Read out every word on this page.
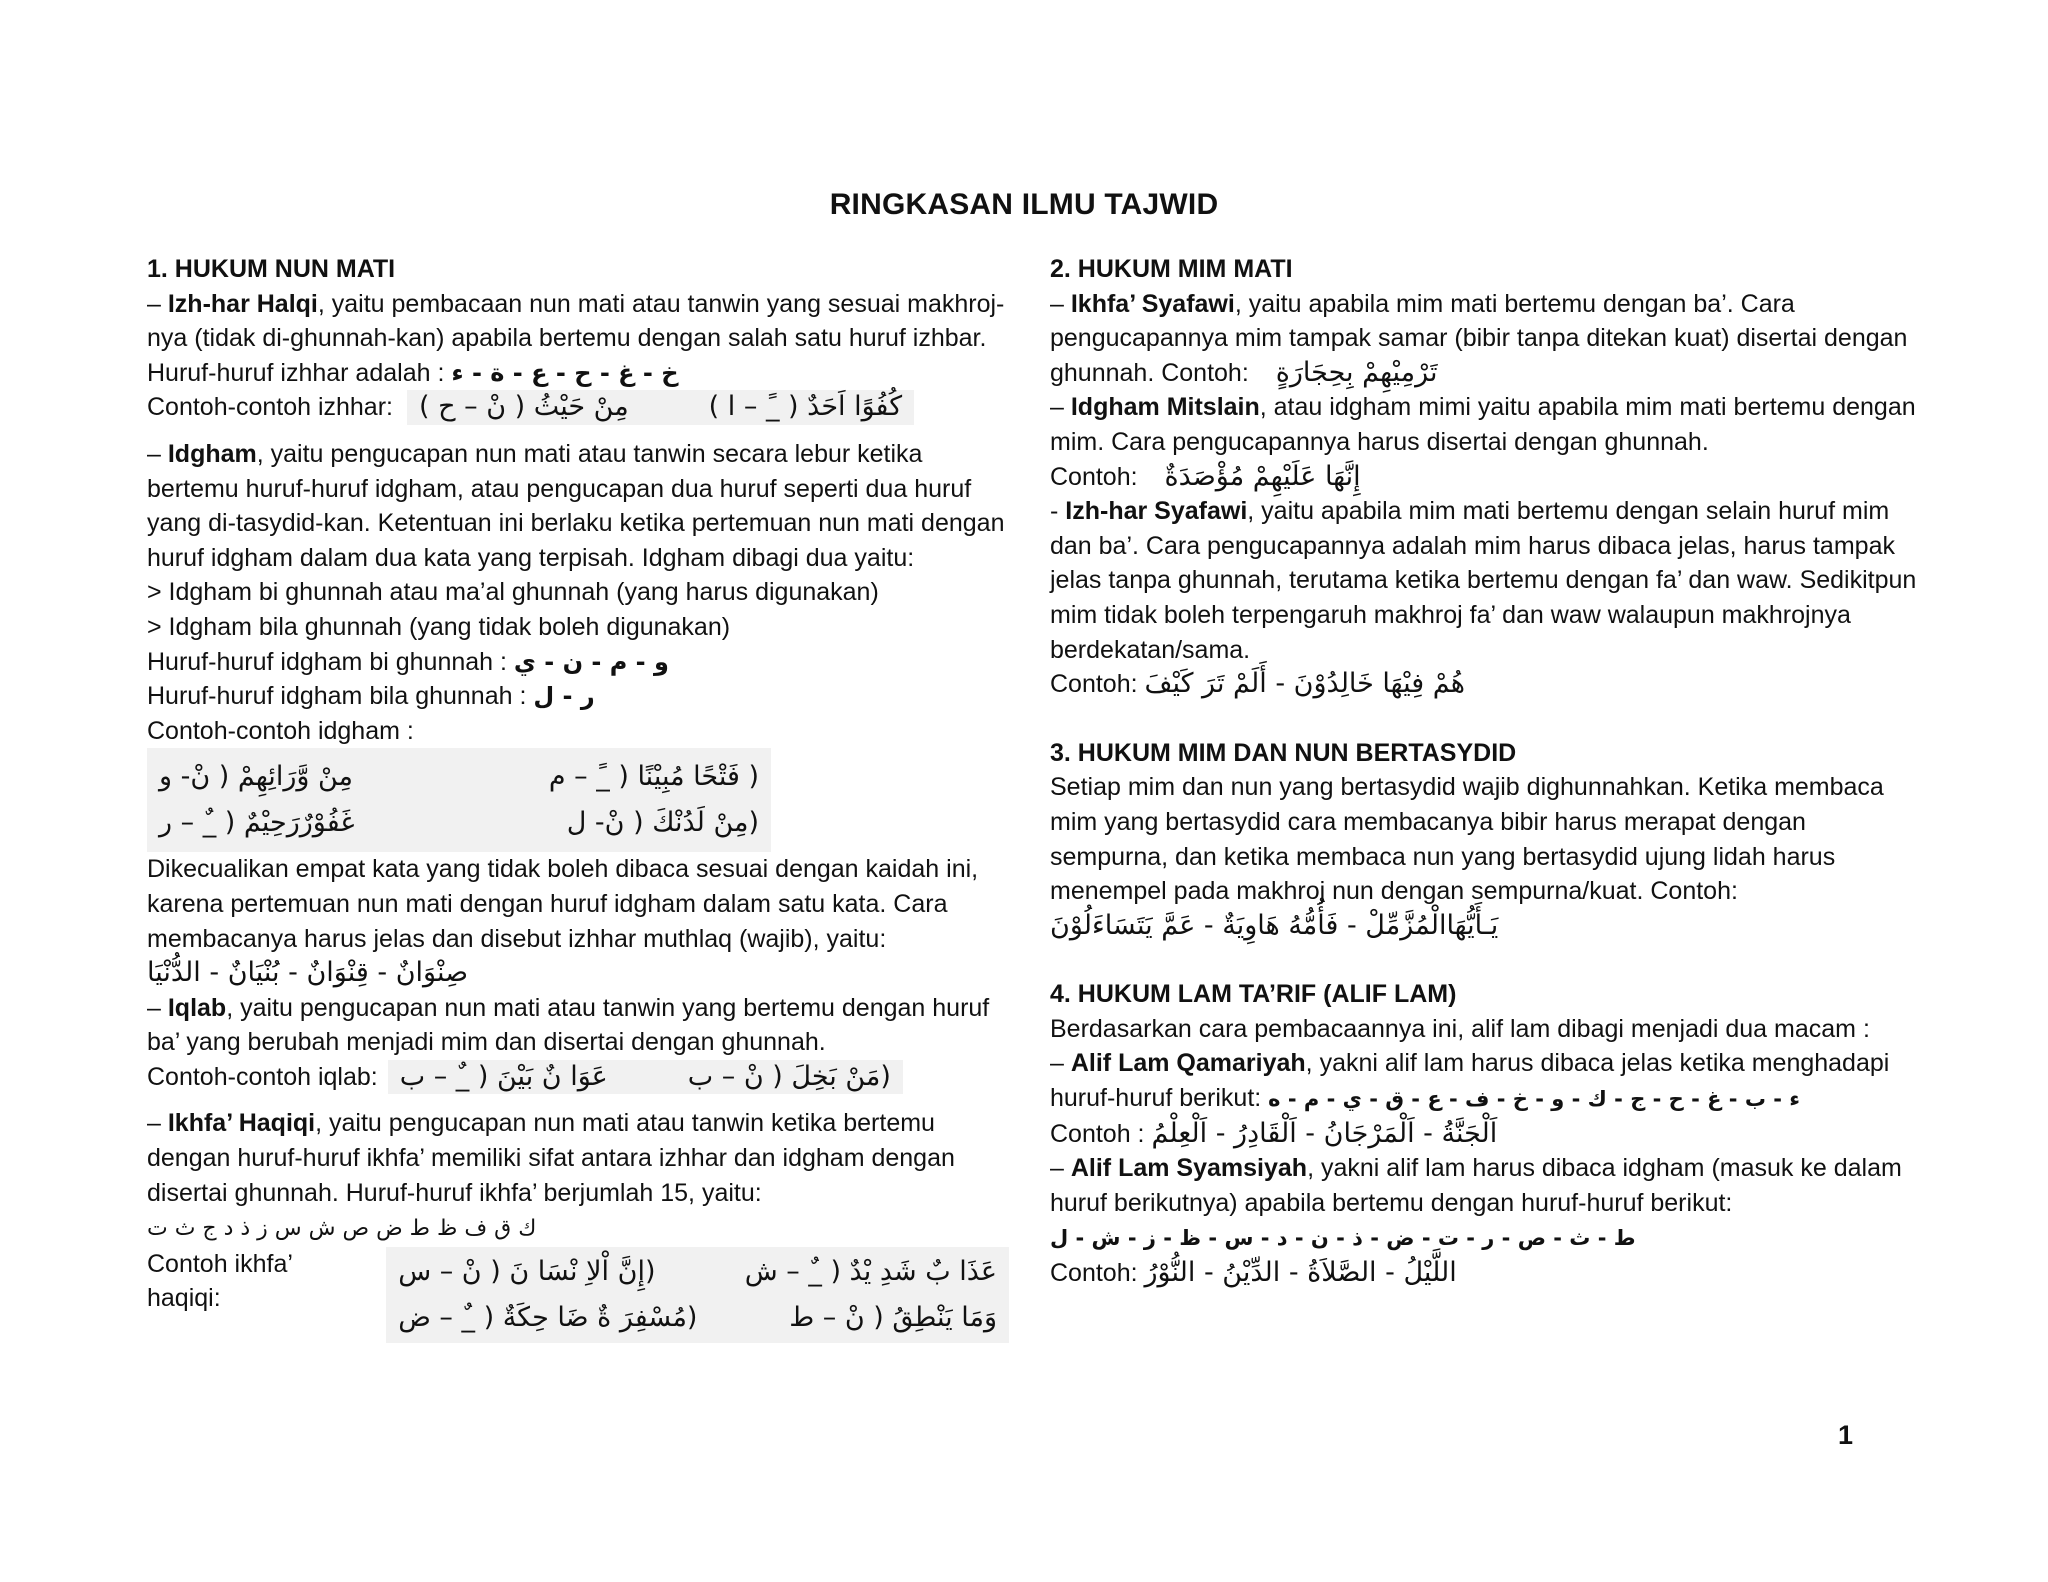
RINGKASAN ILMU TAJWID

1. HUKUM NUN MATI

– Izh-har Halqi, yaitu pembacaan nun mati atau tanwin yang sesuai makhroj-nya (tidak di-ghunnah-kan) apabila bertemu dengan salah satu huruf izhbar.

Huruf-huruf izhhar adalah : خ - غ - ح - ع - ة - ء

Contoh-contoh izhhar: مِنْ حَيْثُ ( نْ – ح )	كُفُوًا اَحَدٌ ( _ً – ا )

– Idgham, yaitu pengucapan nun mati atau tanwin secara lebur ketika bertemu huruf-huruf idgham, atau pengucapan dua huruf seperti dua huruf yang di-tasydid-kan. Ketentuan ini berlaku ketika pertemuan nun mati dengan huruf idgham dalam dua kata yang terpisah. Idgham dibagi dua yaitu:

> Idgham bi ghunnah atau ma’al ghunnah (yang harus digunakan)

> Idgham bila ghunnah (yang tidak boleh digunakan)

Huruf-huruf idgham bi ghunnah : و - م - ن - ي

Huruf-huruf idgham bila ghunnah : ر - ل

Contoh-contoh idgham :

مِنْ وَّرَائِهِمْ ( نْ- و	( فَتْحًا مُبِيْنًا ( _ً – م
غَفُوْرٌرَحِيْمٌ ( _ٌ – ر	(مِنْ لَدُنْكَ ( نْ- ل

Dikecualikan empat kata yang tidak boleh dibaca sesuai dengan kaidah ini, karena pertemuan nun mati dengan huruf idgham dalam satu kata. Cara membacanya harus jelas dan disebut izhhar muthlaq (wajib), yaitu:

صِنْوَانٌ - قِنْوَانٌ - بُنْيَانٌ - الدُّنْيَا

– Iqlab, yaitu pengucapan nun mati atau tanwin yang bertemu dengan huruf ba’ yang berubah menjadi mim dan disertai dengan ghunnah.

Contoh-contoh iqlab: عَوَا نٌ بَيْنَ ( _ٌ – ب	(مَنْ بَخِلَ ( نْ – ب

– Ikhfa’ Haqiqi, yaitu pengucapan nun mati atau tanwin ketika bertemu dengan huruf-huruf ikhfa’ memiliki sifat antara izhhar dan idgham dengan disertai ghunnah. Huruf-huruf ikhfa’ berjumlah 15, yaitu:

ك ق ف ظ ط ض ص ش س ز ذ د ج ث ت

Contoh ikhfa’ haqiqi:
(إِنَّ اْلاِ نْسَا نَ ( نْ – س	عَذَا بٌ شَدِ يْدٌ ( _ٌ – ش
(مُسْفِرَ ةٌ ضَا حِكَةٌ ( _ٌ – ض	وَمَا يَنْطِقُ ( نْ – ط

2. HUKUM MIM MATI

– Ikhfa’ Syafawi, yaitu apabila mim mati bertemu dengan ba’. Cara pengucapannya mim tampak samar (bibir tanpa ditekan kuat) disertai dengan ghunnah. Contoh: تَرْمِيْهِمْ بِحِجَارَةٍ

– Idgham Mitslain, atau idgham mimi yaitu apabila mim mati bertemu dengan mim. Cara pengucapannya harus disertai dengan ghunnah.

Contoh: إِنَّهَا عَلَيْهِمْ مُؤْصَدَةٌ

- Izh-har Syafawi, yaitu apabila mim mati bertemu dengan selain huruf mim dan ba’. Cara pengucapannya adalah mim harus dibaca jelas, harus tampak jelas tanpa ghunnah, terutama ketika bertemu dengan fa’ dan waw. Sedikitpun mim tidak boleh terpengaruh makhroj fa’ dan waw walaupun makhrojnya berdekatan/sama.

Contoh: هُمْ فِيْهَا خَالِدُوْنَ - أَلَمْ تَرَ كَيْفَ

3. HUKUM MIM DAN NUN BERTASYDID

Setiap mim dan nun yang bertasydid wajib dighunnahkan. Ketika membaca mim yang bertasydid cara membacanya bibir harus merapat dengan sempurna, dan ketika membaca nun yang bertasydid ujung lidah harus menempel pada makhroj nun dengan sempurna/kuat. Contoh:

يَـأَيُّهَاالْمُزَّمِّلْ - فَأُمُّهُ هَاوِيَةٌ - عَمَّ يَتَسَاءَلُوْنَ

4. HUKUM LAM TA’RIF (ALIF LAM)

Berdasarkan cara pembacaannya ini, alif lam dibagi menjadi dua macam :

– Alif Lam Qamariyah, yakni alif lam harus dibaca jelas ketika menghadapi huruf-huruf berikut: ء - ب - غ - ح - ج - ك - و - خ - ف - ع - ق - ي - م - ه

Contoh : اَلْجَنَّةُ - اَلْمَرْجَانُ - اَلْقَادِرُ - اَلْعِلْمُ

– Alif Lam Syamsiyah, yakni alif lam harus dibaca idgham (masuk ke dalam huruf berikutnya) apabila bertemu dengan huruf-huruf berikut:

ط - ث - ص - ر - ت - ض - ذ - ن - د - س - ظ - ز - ش - ل

Contoh: اللَّيْلُ - الصَّلاَةُ - الدِّيْنُ - النُّوْرُ

1
